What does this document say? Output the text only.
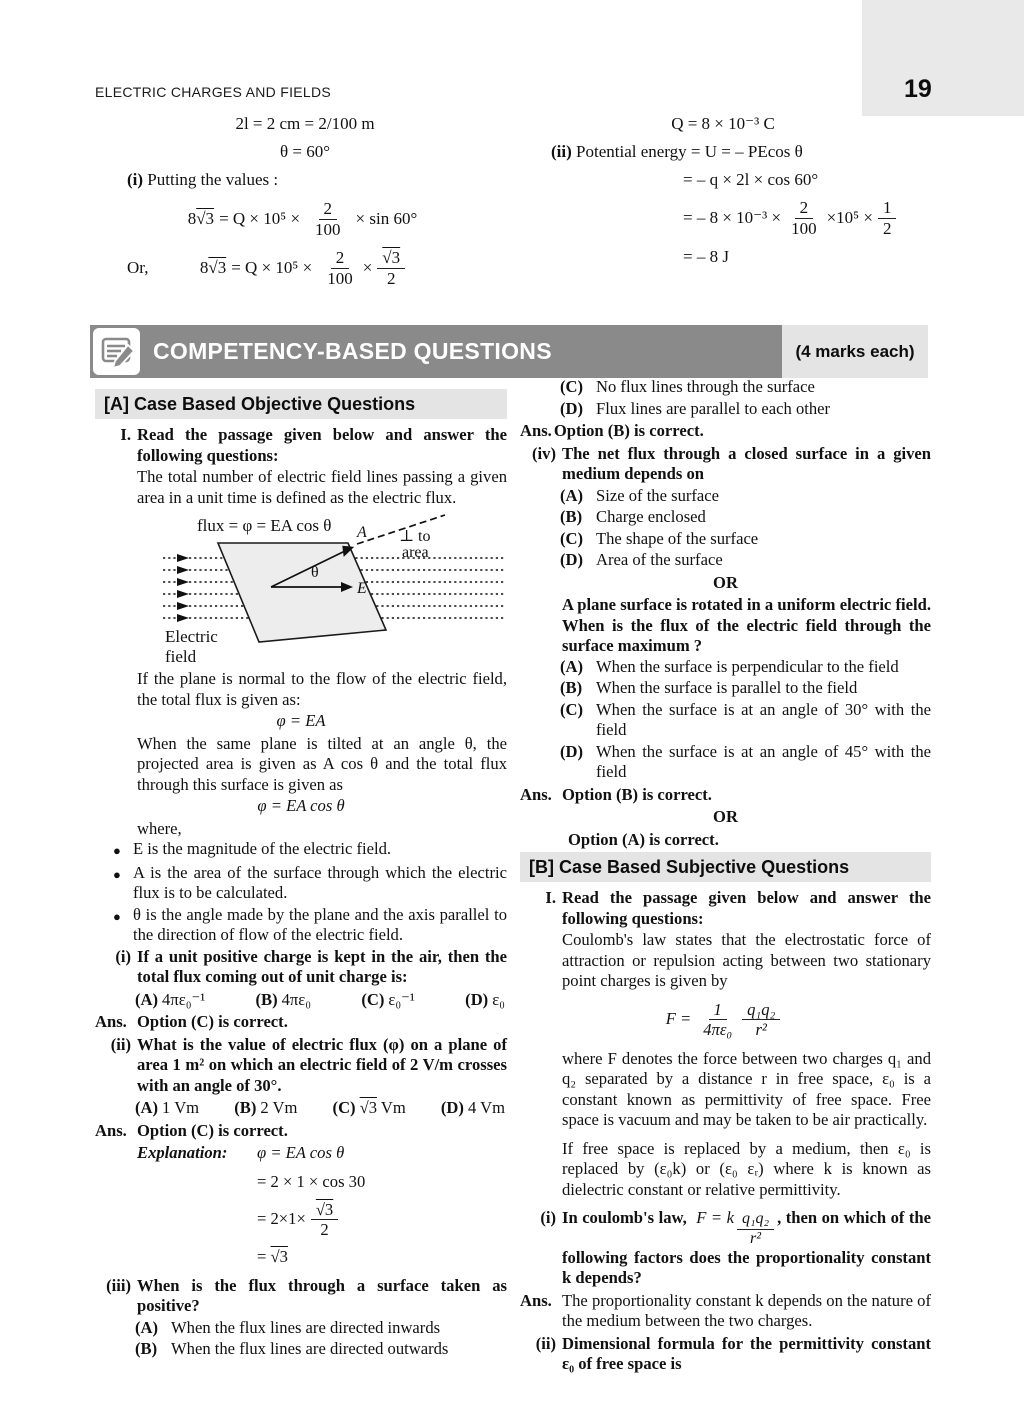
19
ELECTRIC CHARGES AND FIELDS
2l = 2 cm = 2/100 m
θ = 60°
(i) Putting the values :
8 $√3 = Q \times 10^5 \times \frac{2}{100} \times \sin 60^\circ$
Or,	8 $√3 = Q \times 10^5 \times \frac{2}{100} \times \frac{√3}{2}$
Q = 8 × 10⁻³ C
(ii) Potential energy = U = – PEcos θ
= – q × 2l × cos 60°
= – $8 \times 10^{-3} \times \frac{2}{100} \times 10^5 \times \frac{1}{2}$
= – 8 J
COMPETENCY-BASED QUESTIONS	(4 marks each)
[A] Case Based Objective Questions
I. Read the passage given below and answer the following questions:
The total number of electric field lines passing a given area in a unit time is defined as the electric flux.
flux = φ = EA cos θ A ⊥ to
area
θ
E
Electric
field
If the plane is normal to the flow of the electric field, the total flux is given as:
φ = EA
When the same plane is tilted at an angle θ, the projected area is given as A cos θ and the total flux through this surface is given as
φ = EA cos θ
where,
● E is the magnitude of the electric field.
● A is the area of the surface through which the electric flux is to be calculated.
● θ is the angle made by the plane and the axis parallel to the direction of flow of the electric field.
(i) If a unit positive charge is kept in the air, then the total flux coming out of unit charge is:
(A) 4πε₀⁻¹	(B) 4πε₀	(C) ε₀⁻¹	(D) ε₀
Ans. Option (C) is correct.
(ii) What is the value of electric flux (φ) on a plane of area 1 m² on which an electric field of 2 V/m crosses with an angle of 30°.
(A) 1 Vm (B) 2 Vm (C) √3 Vm (D) 4 Vm
Ans. Option (C) is correct.
Explanation:	φ = EA cos θ
= 2 × 1 × cos 30
= $2\times 1\times \frac{√3}{2}$
= √3
(iii) When is the flux through a surface taken as positive?
(A) When the flux lines are directed inwards
(B) When the flux lines are directed outwards
(C) No flux lines through the surface
(D) Flux lines are parallel to each other
Ans. Option (B) is correct.
(iv) The net flux through a closed surface in a given medium depends on
(A) Size of the surface
(B) Charge enclosed
(C) The shape of the surface
(D) Area of the surface
OR
A plane surface is rotated in a uniform electric field. When is the flux of the electric field through the surface maximum ?
(A) When the surface is perpendicular to the field
(B) When the surface is parallel to the field
(C) When the surface is at an angle of 30° with the field
(D) When the surface is at an angle of 45° with the field
Ans. Option (B) is correct.
OR
Option (A) is correct.
[B] Case Based Subjective Questions
I. Read the passage given below and answer the following questions:
Coulomb's law states that the electrostatic force of attraction or repulsion acting between two stationary point charges is given by
$F = \frac{1}{\text{4πε₀}} \frac{\text{q₁q₂}}{\text{r²}}$
where F denotes the force between two charges q₁ and q₂ separated by a distance r in free space, ε₀ is a constant known as permittivity of free space. Free space is vacuum and may be taken to be air practically.
If free space is replaced by a medium, then ε₀ is replaced by (ε₀k) or (ε₀ εᵣ) where k is known as dielectric constant or relative permittivity.
(i) In coulomb's law, F = k $\frac{\text{q₁q₂}}{\text{r²}}$ , then on which of the following factors does the proportionality constant k depends?
Ans. The proportionality constant k depends on the nature of the medium between the two charges.
(ii) Dimensional formula for the permittivity constant ε₀ of free space is
